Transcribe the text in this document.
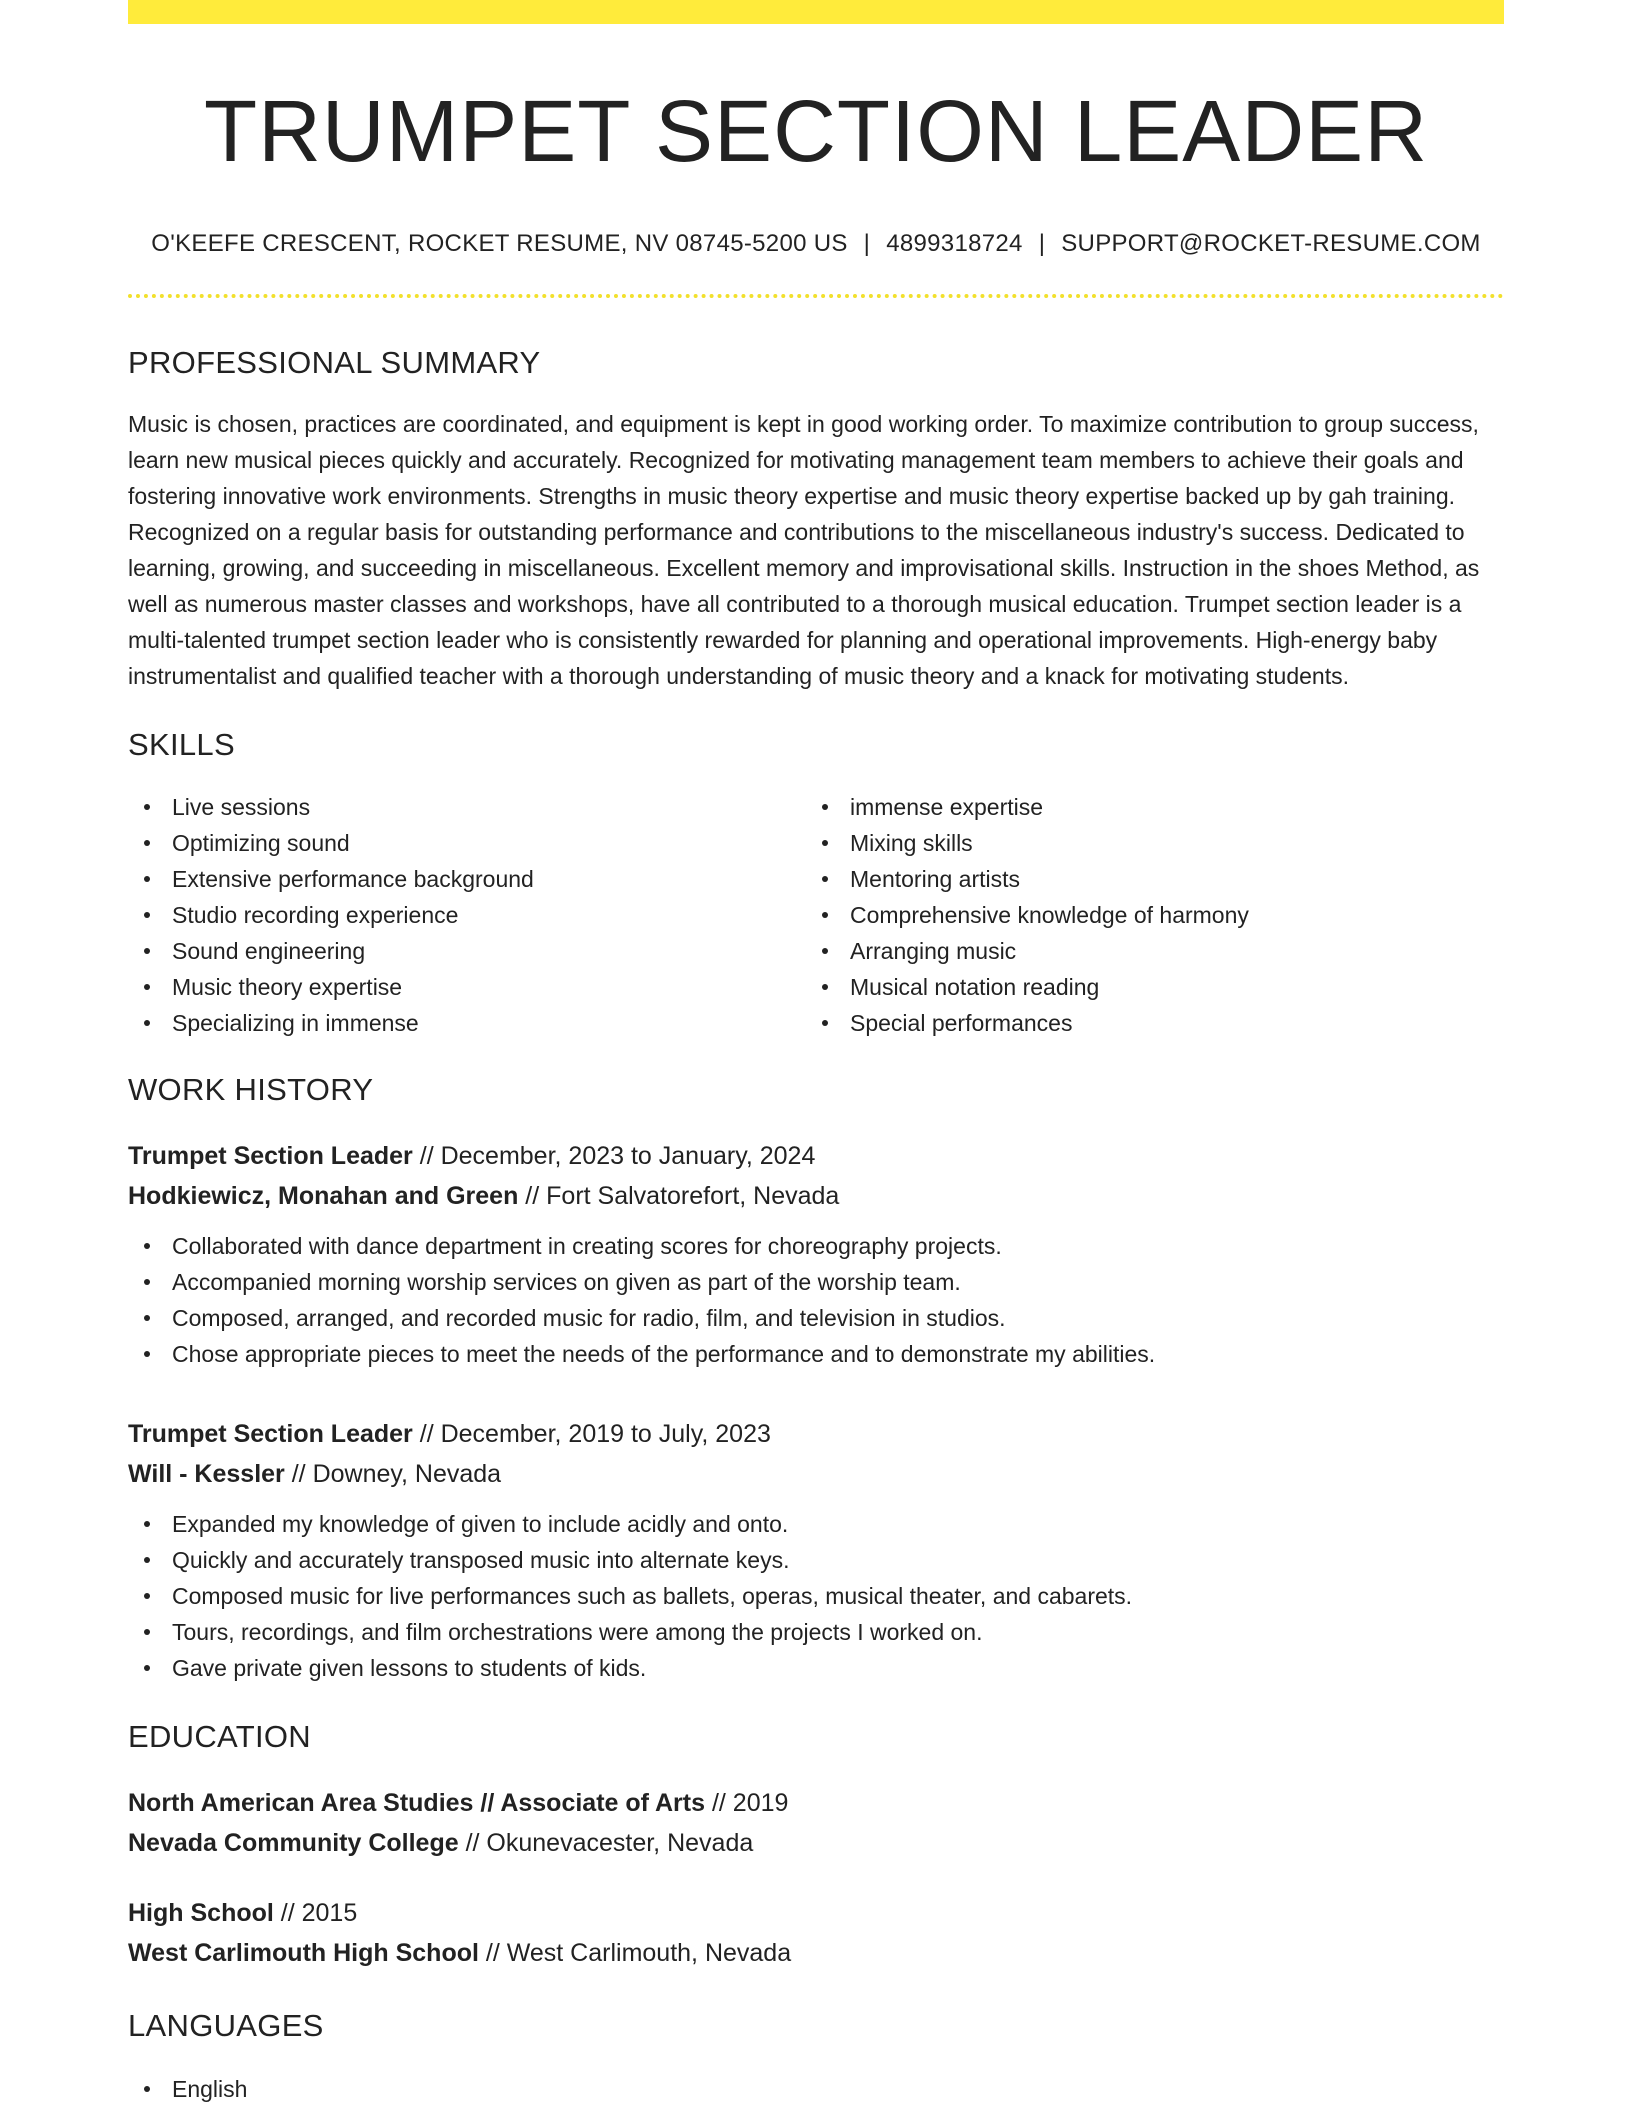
TRUMPET SECTION LEADER
O'KEEFE CRESCENT, ROCKET RESUME, NV 08745-5200 US | 4899318724 | SUPPORT@ROCKET-RESUME.COM
PROFESSIONAL SUMMARY

Music is chosen, practices are coordinated, and equipment is kept in good working order. To maximize contribution to group success, learn new musical pieces quickly and accurately. Recognized for motivating management team members to achieve their goals and fostering innovative work environments. Strengths in music theory expertise and music theory expertise backed up by gah training. Recognized on a regular basis for outstanding performance and contributions to the miscellaneous industry's success. Dedicated to learning, growing, and succeeding in miscellaneous. Excellent memory and improvisational skills. Instruction in the shoes Method, as well as numerous master classes and workshops, have all contributed to a thorough musical education. Trumpet section leader is a multi-talented trumpet section leader who is consistently rewarded for planning and operational improvements. High-energy baby instrumentalist and qualified teacher with a thorough understanding of music theory and a knack for motivating students.

SKILLS
Live sessions
Optimizing sound
Extensive performance background
Studio recording experience
Sound engineering
Music theory expertise
Specializing in immense
immense expertise
Mixing skills
Mentoring artists
Comprehensive knowledge of harmony
Arranging music
Musical notation reading
Special performances
WORK HISTORY
Trumpet Section Leader // December, 2023 to January, 2024
Hodkiewicz, Monahan and Green // Fort Salvatorefort, Nevada
Collaborated with dance department in creating scores for choreography projects.
Accompanied morning worship services on given as part of the worship team.
Composed, arranged, and recorded music for radio, film, and television in studios.
Chose appropriate pieces to meet the needs of the performance and to demonstrate my abilities.
Trumpet Section Leader // December, 2019 to July, 2023
Will - Kessler // Downey, Nevada
Expanded my knowledge of given to include acidly and onto.
Quickly and accurately transposed music into alternate keys.
Composed music for live performances such as ballets, operas, musical theater, and cabarets.
Tours, recordings, and film orchestrations were among the projects I worked on.
Gave private given lessons to students of kids.
EDUCATION
North American Area Studies // Associate of Arts // 2019
Nevada Community College // Okunevacester, Nevada
High School // 2015
West Carlimouth High School // West Carlimouth, Nevada
LANGUAGES
English
